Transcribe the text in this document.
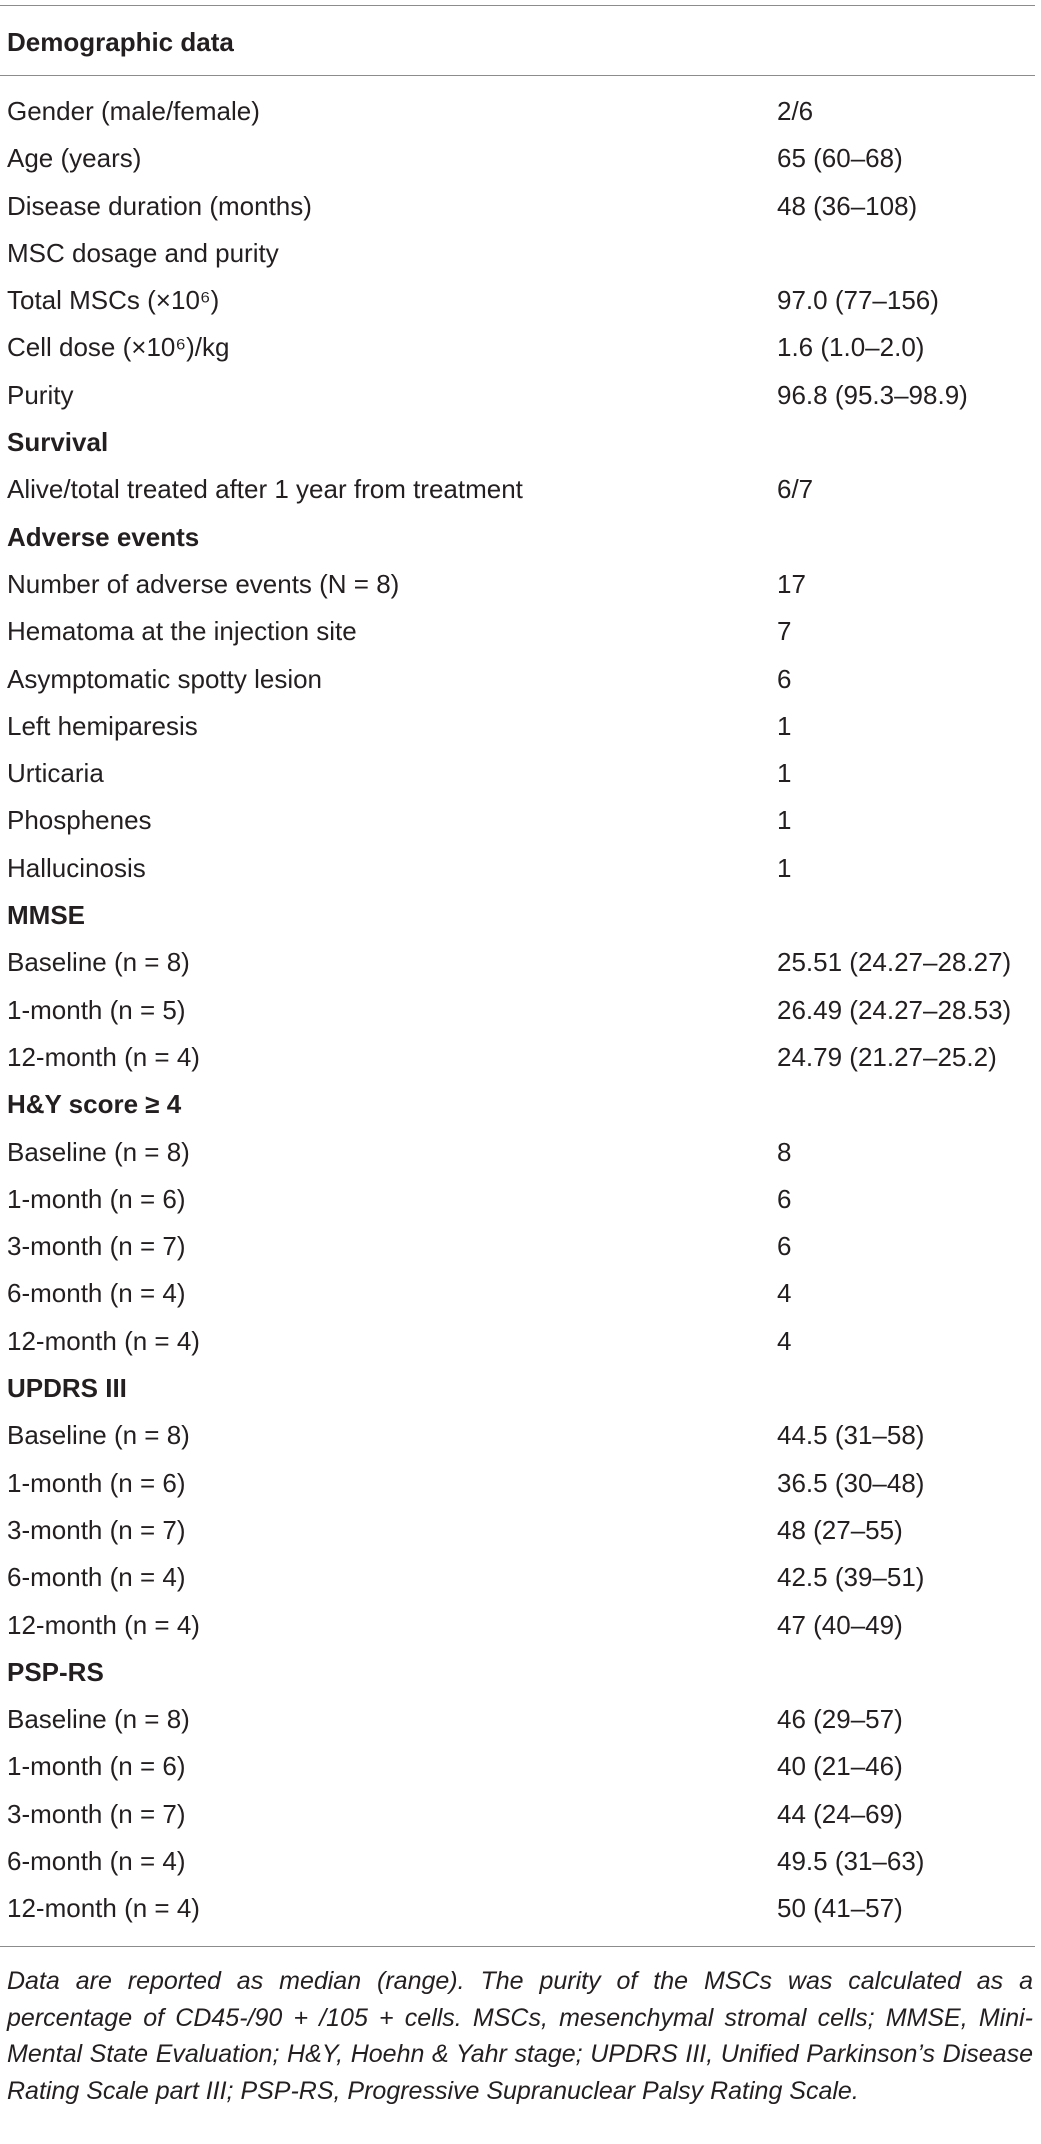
Demographic data
Gender (male/female)	2/6
Age (years)	65 (60–68)
Disease duration (months)	48 (36–108)
MSC dosage and purity
Total MSCs (×10⁶)	97.0 (77–156)
Cell dose (×10⁶)/kg	1.6 (1.0–2.0)
Purity	96.8 (95.3–98.9)
Survival
Alive/total treated after 1 year from treatment	6/7
Adverse events
Number of adverse events (N = 8)	17
Hematoma at the injection site	7
Asymptomatic spotty lesion	6
Left hemiparesis	1
Urticaria	1
Phosphenes	1
Hallucinosis	1
MMSE
Baseline (n = 8)	25.51 (24.27–28.27)
1-month (n = 5)	26.49 (24.27–28.53)
12-month (n = 4)	24.79 (21.27–25.2)
H&Y score ≥ 4
Baseline (n = 8)	8
1-month (n = 6)	6
3-month (n = 7)	6
6-month (n = 4)	4
12-month (n = 4)	4
UPDRS III
Baseline (n = 8)	44.5 (31–58)
1-month (n = 6)	36.5 (30–48)
3-month (n = 7)	48 (27–55)
6-month (n = 4)	42.5 (39–51)
12-month (n = 4)	47 (40–49)
PSP-RS
Baseline (n = 8)	46 (29–57)
1-month (n = 6)	40 (21–46)
3-month (n = 7)	44 (24–69)
6-month (n = 4)	49.5 (31–63)
12-month (n = 4)	50 (41–57)
Data are reported as median (range). The purity of the MSCs was calculated as a percentage of CD45-/90 + /105 + cells. MSCs, mesenchymal stromal cells; MMSE, Mini-Mental State Evaluation; H&Y, Hoehn & Yahr stage; UPDRS III, Unified Parkinson’s Disease Rating Scale part III; PSP-RS, Progressive Supranuclear Palsy Rating Scale.
